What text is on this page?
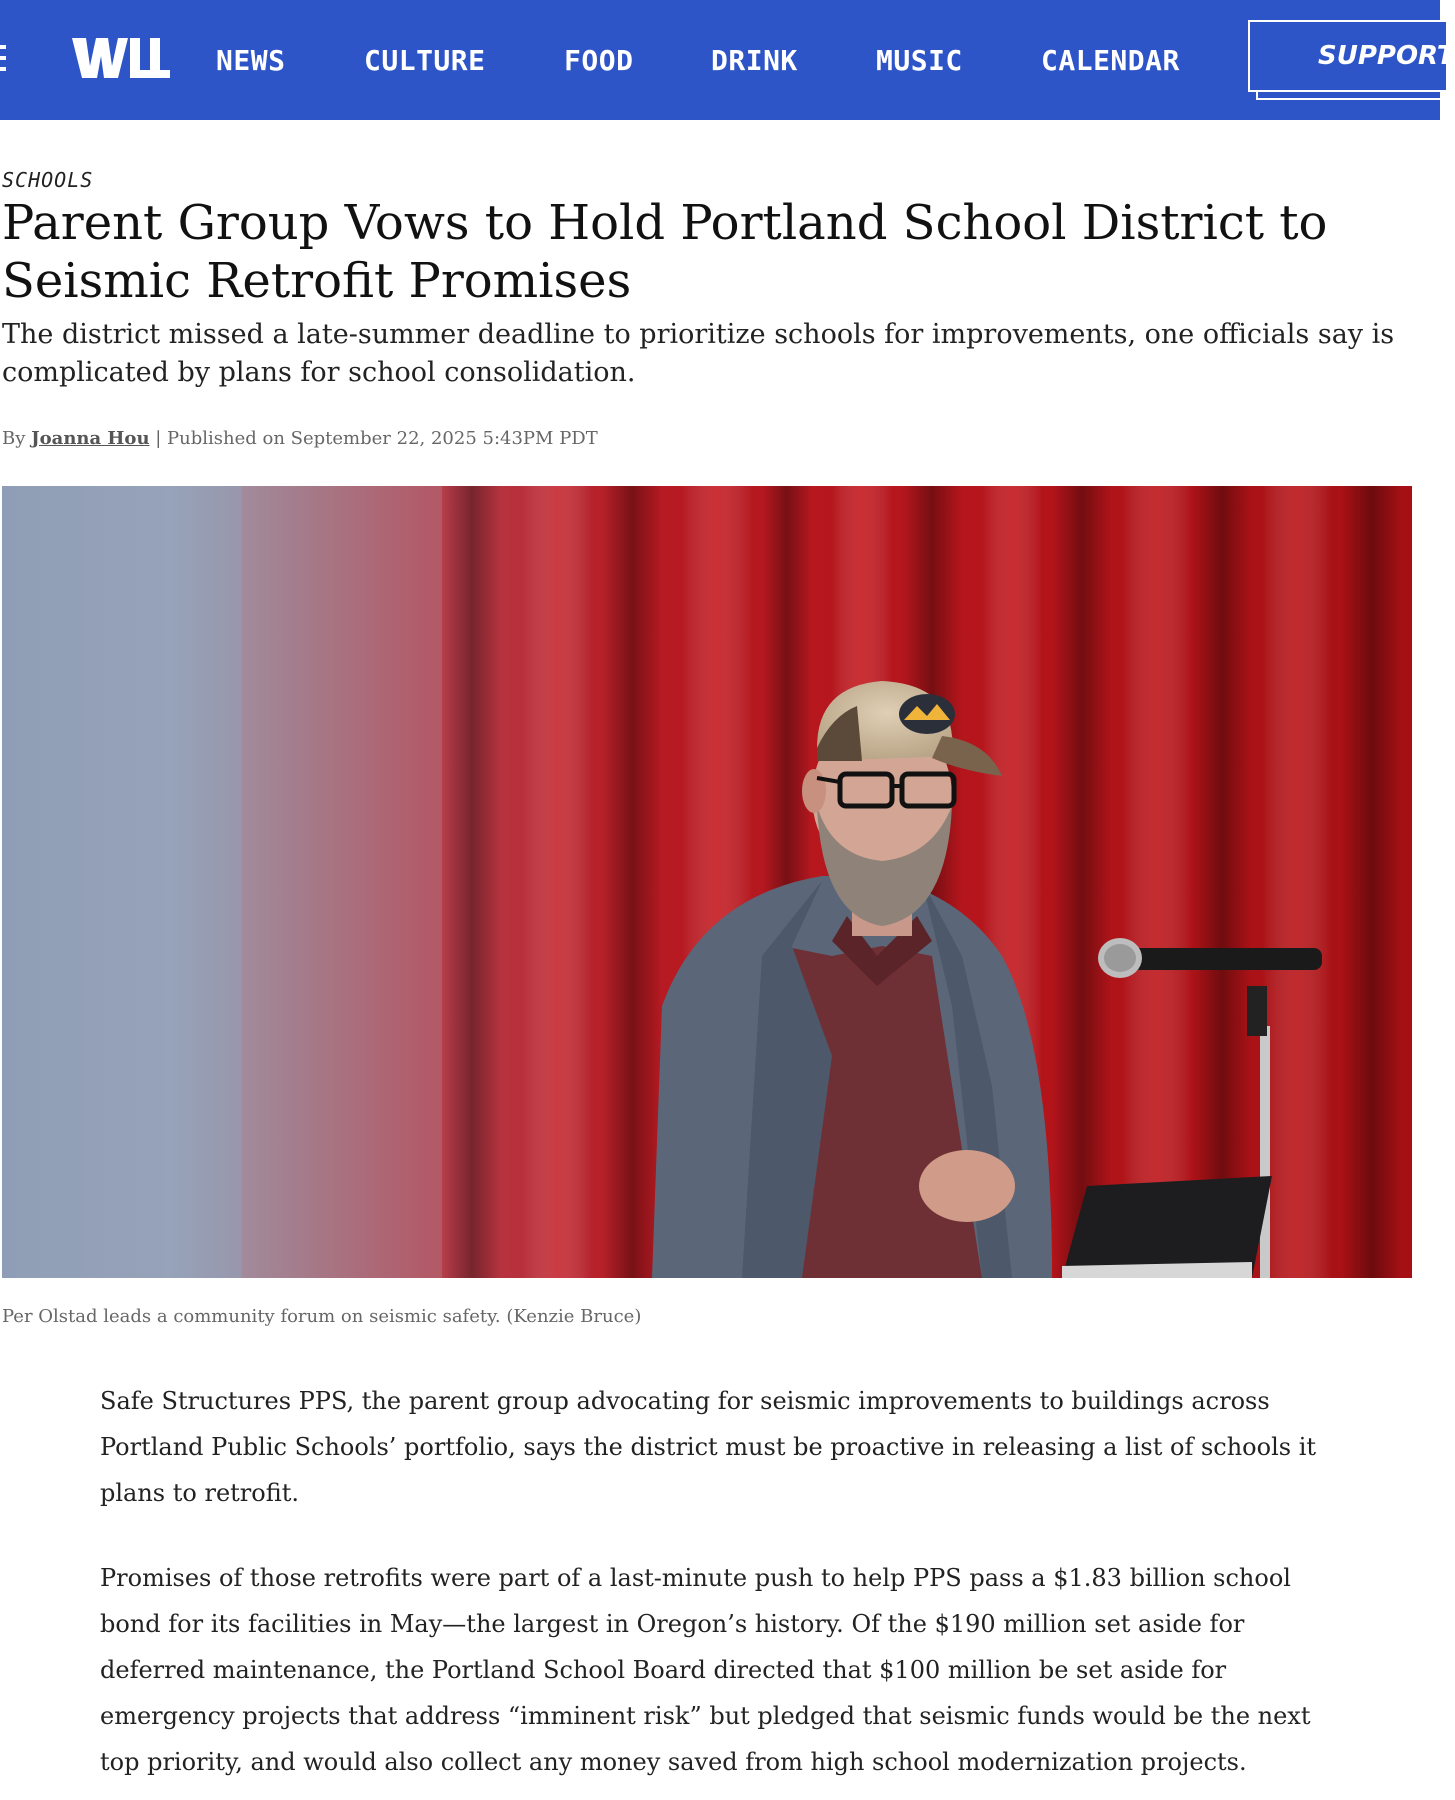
WW
NEWS	CULTURE	FOOD	DRINK	MUSIC	CALENDAR	SUPPORT
SCHOOLS
Parent Group Vows to Hold Portland School District to Seismic Retrofit Promises

The district missed a late-summer deadline to prioritize schools for improvements, one officials say is complicated by plans for school consolidation.

By Joanna Hou | Published on September 22, 2025 5:43PM PDT
Per Olstad leads a community forum on seismic safety. (Kenzie Bruce)

Safe Structures PPS, the parent group advocating for seismic improvements to buildings across Portland Public Schools’ portfolio, says the district must be proactive in releasing a list of schools it plans to retrofit.

Promises of those retrofits were part of a last-minute push to help PPS pass a $1.83 billion school bond for its facilities in May—the largest in Oregon’s history. Of the $190 million set aside for deferred maintenance, the Portland School Board directed that $100 million be set aside for emergency projects that address “imminent risk” but pledged that seismic funds would be the next top priority, and would also collect any money saved from high school modernization projects.
